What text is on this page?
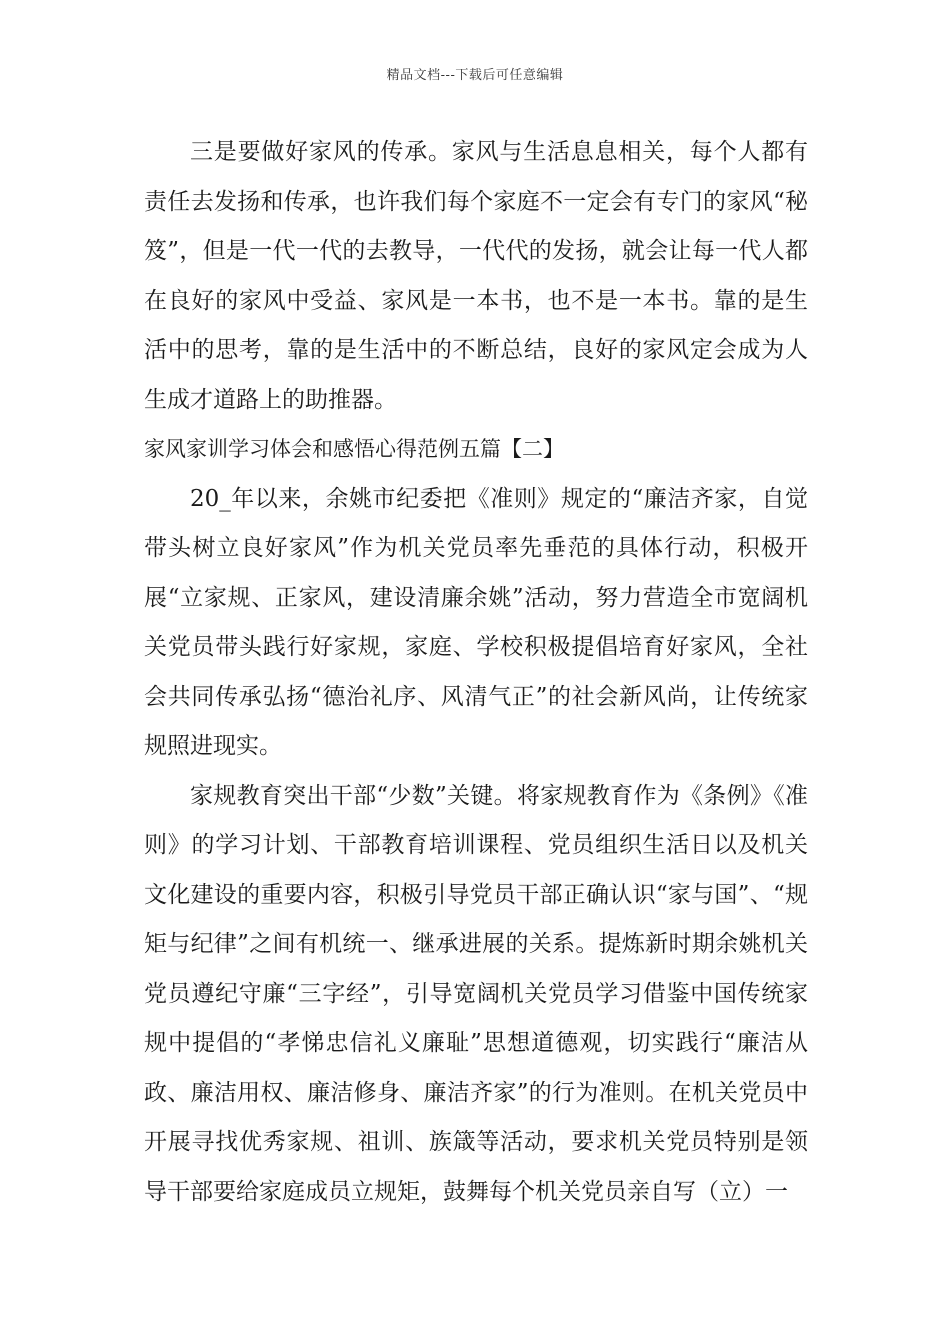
精品文档---下载后可任意编辑

三是要做好家风的传承。家风与生活息息相关，每个人都有责任去发扬和传承，也许我们每个家庭不一定会有专门的家风“秘笈”，但是一代一代的去教导，一代代的发扬，就会让每一代人都在良好的家风中受益、家风是一本书，也不是一本书。靠的是生活中的思考，靠的是生活中的不断总结，良好的家风定会成为人生成才道路上的助推器。

家风家训学习体会和感悟心得范例五篇【二】

20_年以来，余姚市纪委把《准则》规定的“廉洁齐家，自觉带头树立良好家风”作为机关党员率先垂范的具体行动，积极开展“立家规、正家风，建设清廉余姚”活动，努力营造全市宽阔机关党员带头践行好家规，家庭、学校积极提倡培育好家风，全社会共同传承弘扬“德治礼序、风清气正”的社会新风尚，让传统家规照进现实。

家规教育突出干部“少数”关键。将家规教育作为《条例》《准则》的学习计划、干部教育培训课程、党员组织生活日以及机关文化建设的重要内容，积极引导党员干部正确认识“家与国”、“规矩与纪律”之间有机统一、继承进展的关系。提炼新时期余姚机关党员遵纪守廉“三字经”，引导宽阔机关党员学习借鉴中国传统家规中提倡的“孝悌忠信礼义廉耻”思想道德观，切实践行“廉洁从政、廉洁用权、廉洁修身、廉洁齐家”的行为准则。在机关党员中开展寻找优秀家规、祖训、族箴等活动，要求机关党员特别是领导干部要给家庭成员立规矩，鼓舞每个机关党员亲自写（立）一
